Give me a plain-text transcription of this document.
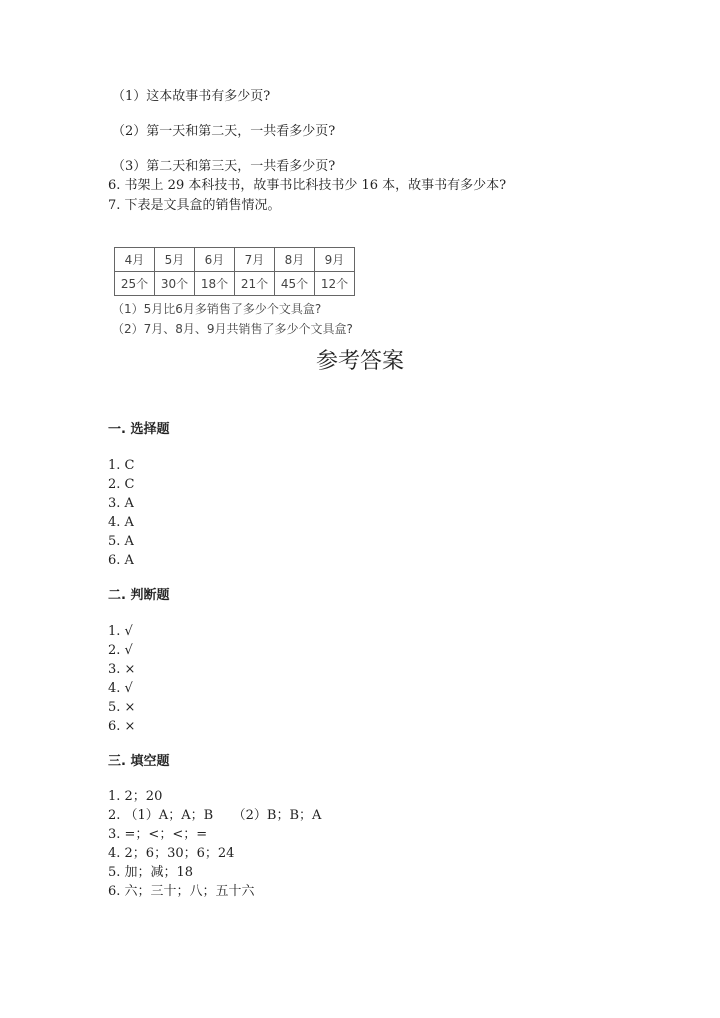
（1）这本故事书有多少页?
（2）第一天和第二天，一共看多少页?
（3）第二天和第三天，一共看多少页?
6. 书架上 29 本科技书，故事书比科技书少 16 本，故事书有多少本?
7. 下表是文具盒的销售情况。
4月	5月	6月	7月	8月	9月
25个	30个	18个	21个	45个	12个
（1）5月比6月多销售了多少个文具盒?
（2）7月、8月、9月共销售了多少个文具盒?
参考答案
一. 选择题
1. C
2. C
3. A
4. A
5. A
6. A
二. 判断题
1. √
2. √
3. ×
4. √
5. ×
6. ×
三. 填空题
1. 2；20
2. （1）A；A；B　　（2）B；B；A
3. =；<；<；=
4. 2；6；30；6；24
5. 加；减；18
6. 六；三十；八；五十六
